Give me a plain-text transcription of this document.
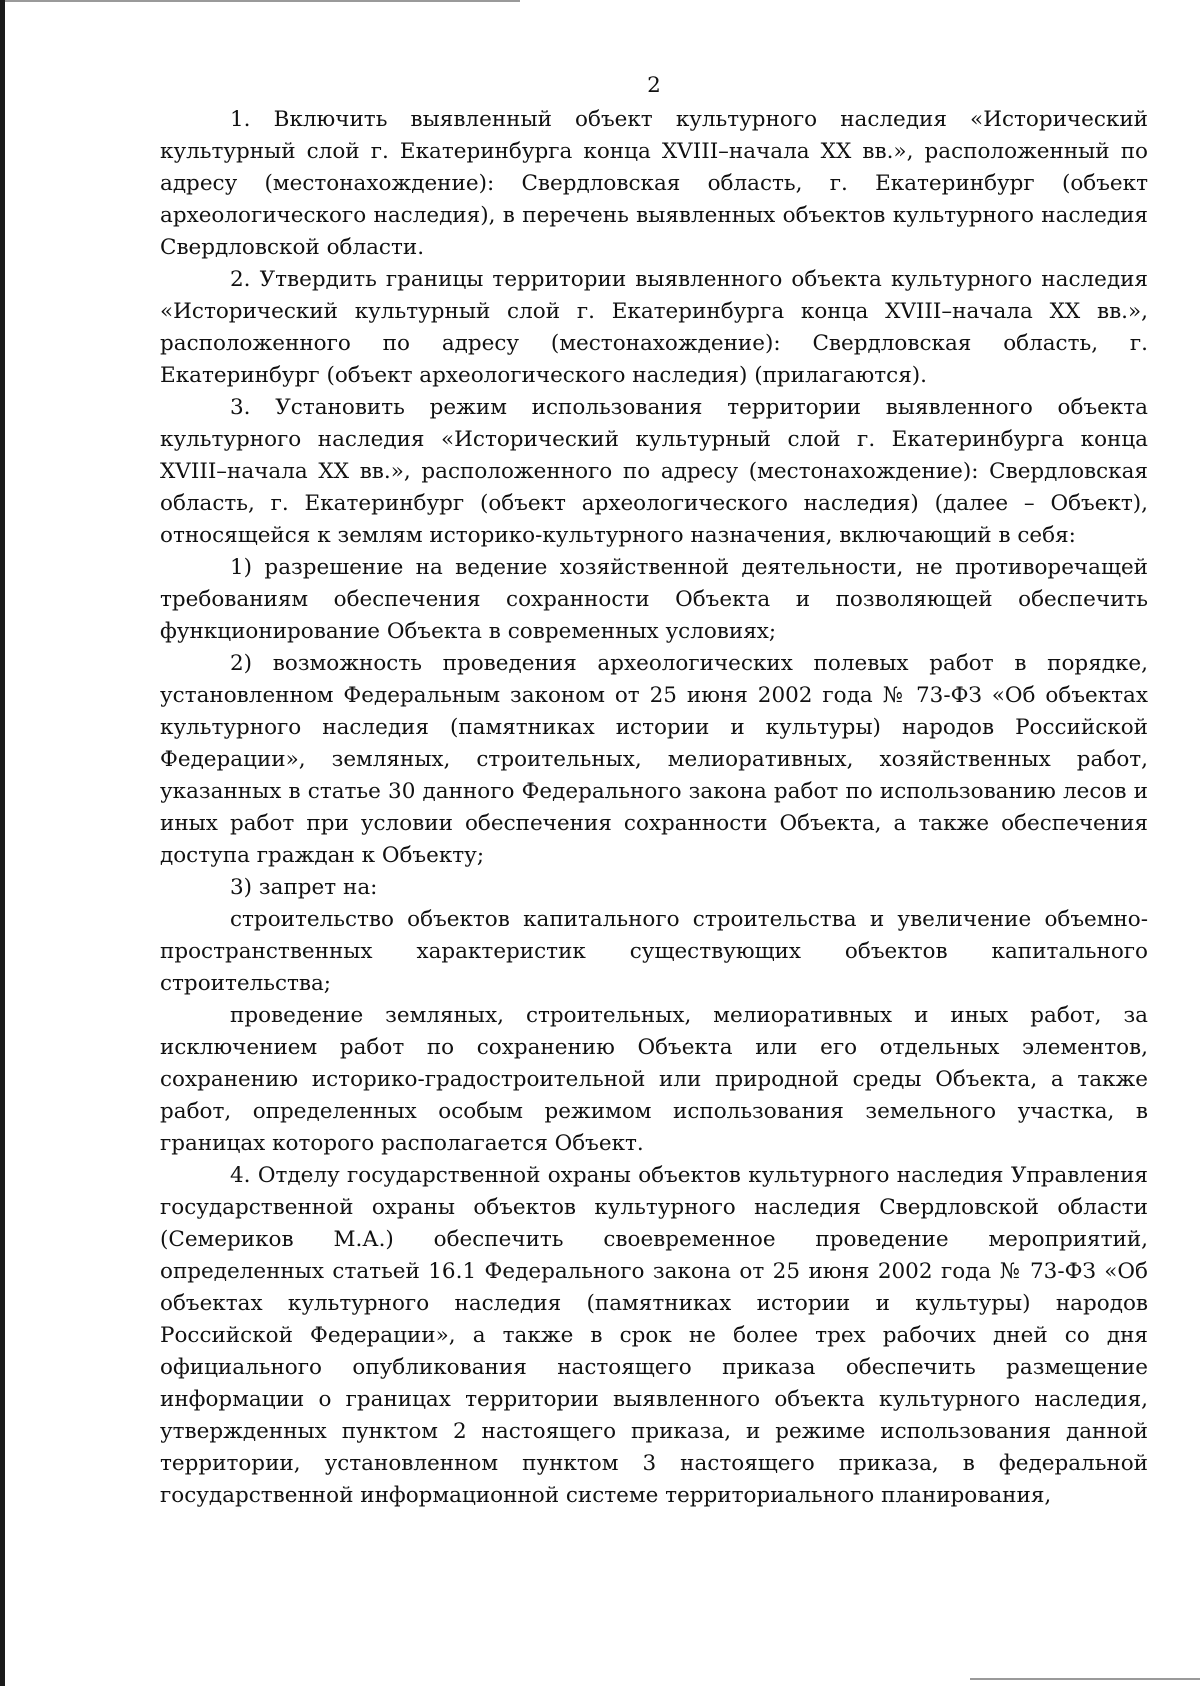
2

1. Включить выявленный объект культурного наследия «Исторический культурный слой г. Екатеринбурга конца XVIII–начала XX вв.», расположенный по адресу (местонахождение): Свердловская область, г. Екатеринбург (объект археологического наследия), в перечень выявленных объектов культурного наследия Свердловской области.

2. Утвердить границы территории выявленного объекта культурного наследия «Исторический культурный слой г. Екатеринбурга конца XVIII–начала XX вв.», расположенного по адресу (местонахождение): Свердловская область, г. Екатеринбург (объект археологического наследия) (прилагаются).

3. Установить режим использования территории выявленного объекта культурного наследия «Исторический культурный слой г. Екатеринбурга конца XVIII–начала XX вв.», расположенного по адресу (местонахождение): Свердловская область, г. Екатеринбург (объект археологического наследия) (далее – Объект), относящейся к землям историко-культурного назначения, включающий в себя:

1) разрешение на ведение хозяйственной деятельности, не противоречащей требованиям обеспечения сохранности Объекта и позволяющей обеспечить функционирование Объекта в современных условиях;

2) возможность проведения археологических полевых работ в порядке, установленном Федеральным законом от 25 июня 2002 года № 73-ФЗ «Об объектах культурного наследия (памятниках истории и культуры) народов Российской Федерации», земляных, строительных, мелиоративных, хозяйственных работ, указанных в статье 30 данного Федерального закона работ по использованию лесов и иных работ при условии обеспечения сохранности Объекта, а также обеспечения доступа граждан к Объекту;

3) запрет на:

строительство объектов капитального строительства и увеличение объемно-пространственных характеристик существующих объектов капитального строительства;

проведение земляных, строительных, мелиоративных и иных работ, за исключением работ по сохранению Объекта или его отдельных элементов, сохранению историко-градостроительной или природной среды Объекта, а также работ, определенных особым режимом использования земельного участка, в границах которого располагается Объект.

4. Отделу государственной охраны объектов культурного наследия Управления государственной охраны объектов культурного наследия Свердловской области (Семериков М.А.) обеспечить своевременное проведение мероприятий, определенных статьей 16.1 Федерального закона от 25 июня 2002 года № 73-ФЗ «Об объектах культурного наследия (памятниках истории и культуры) народов Российской Федерации», а также в срок не более трех рабочих дней со дня официального опубликования настоящего приказа обеспечить размещение информации о границах территории выявленного объекта культурного наследия, утвержденных пунктом 2 настоящего приказа, и режиме использования данной территории, установленном пунктом 3 настоящего приказа, в федеральной государственной информационной системе территориального планирования,
